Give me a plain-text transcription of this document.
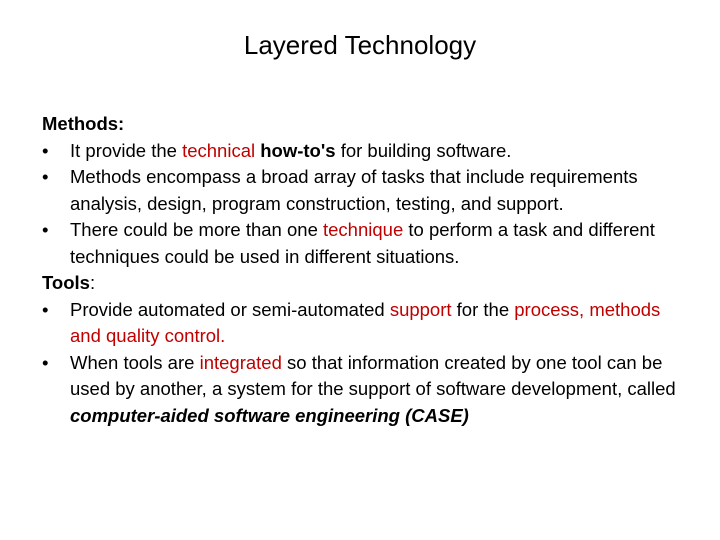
Layered Technology

Methods:

•	It provide the technical how-to's for building software.
•	Methods encompass a broad array of tasks that include requirements analysis, design, program construction, testing, and support.
•	There could be more than one technique to perform a task and different techniques could be used in different situations.

Tools:

•	Provide automated or semi-automated support for the process, methods and quality control.
•	When tools are integrated so that information created by one tool can be used by another, a system for the support of software development, called computer-aided software engineering (CASE)
